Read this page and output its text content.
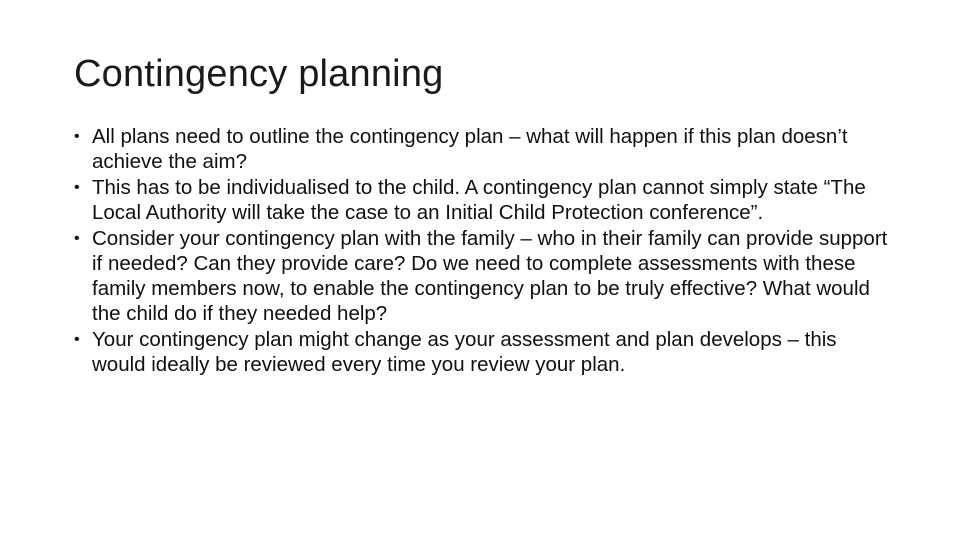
Contingency planning
• All plans need to outline the contingency plan – what will happen if this plan doesn’t achieve the aim?
• This has to be individualised to the child. A contingency plan cannot simply state “The Local Authority will take the case to an Initial Child Protection conference”.
• Consider your contingency plan with the family – who in their family can provide support if needed? Can they provide care? Do we need to complete assessments with these family members now, to enable the contingency plan to be truly effective? What would the child do if they needed help?
• Your contingency plan might change as your assessment and plan develops – this would ideally be reviewed every time you review your plan.
